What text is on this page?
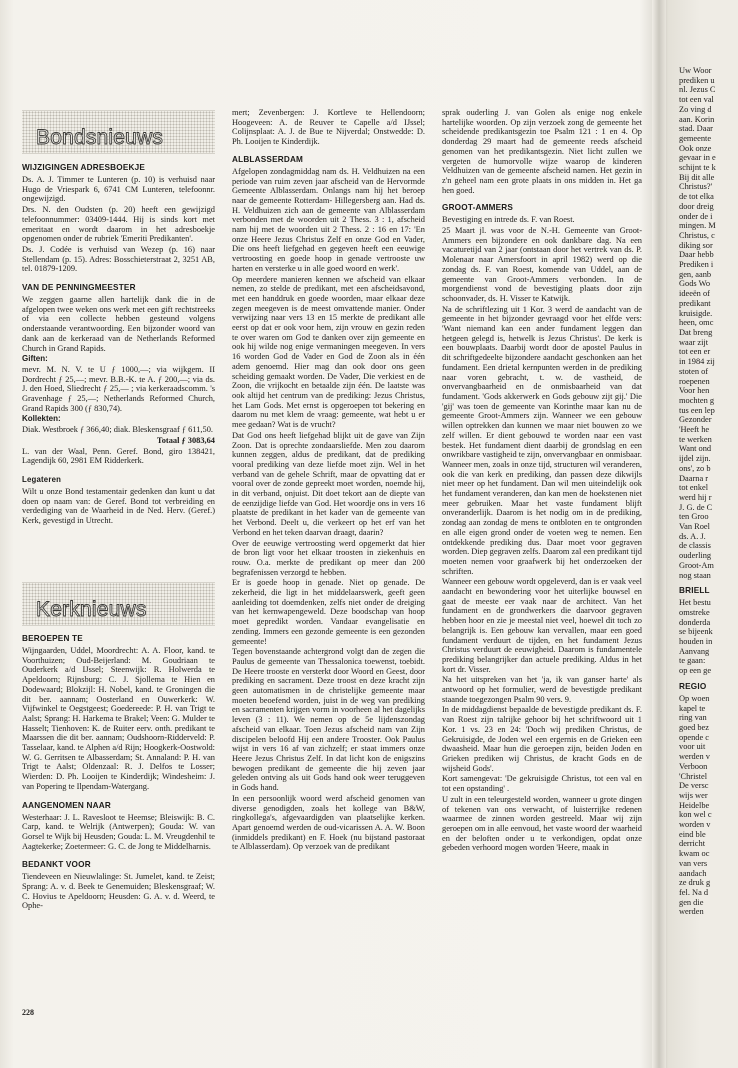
Bondsnieuws
WIJZIGINGEN ADRESBOEKJE

Ds. A. J. Timmer te Lunteren (p. 10) is verhuisd naar Hugo de Vriespark 6, 6741 CM Lunteren, telefoonnr. ongewijzigd.

Drs. N. den Oudsten (p. 20) heeft een gewijzigd telefoonnummer: 03409-1444. Hij is sinds kort met emeritaat en wordt daarom in het adresboekje opgenomen onder de rubriek 'Emeriti Predikanten'.

Ds. J. Codée is verhuisd van Wezep (p. 16) naar Stellendam (p. 15). Adres: Bosschieterstraat 2, 3251 AB, tel. 01879-1209.

VAN DE PENNINGMEESTER

We zeggen gaarne allen hartelijk dank die in de afgelopen twee weken ons werk met een gift rechtstreeks of via een collecte hebben gesteund volgens onderstaande verantwoording. Een bijzonder woord van dank aan de kerkeraad van de Netherlands Reformed Church in Grand Rapids.

Giften:

mevr. M. N. V. te U ƒ 1000,—; via wijkgem. II Dordrecht ƒ 25,—; mevr. B.B.-K. te A. ƒ 200,—; via ds. J. den Hoed, Sliedrecht ƒ 25,— ; via kerkeraadscomm. 's Gravenhage ƒ 25,—; Netherlands Reformed Church, Grand Rapids 300 (ƒ 830,74).

Kollekten:

Diak. Westbroek ƒ 366,40; diak. Bleskensgraaf ƒ 611,50.

Totaal ƒ 3083,64

L. van der Waal, Penn. Geref. Bond, giro 138421, Lagendijk 60, 2981 EM Ridderkerk.

Legateren

Wilt u onze Bond testamentair gedenken dan kunt u dat doen op naam van: de Geref. Bond tot verbreiding en verdediging van de Waarheid in de Ned. Herv. (Geref.) Kerk, gevestigd in Utrecht.

Kerknieuws
BEROEPEN TE

Wijngaarden, Uddel, Moordrecht: A. A. Floor, kand. te Voorthuizen; Oud-Beijerland: M. Goudriaan te Ouderkerk a/d IJssel; Steenwijk: R. Holwerda te Apeldoorn; Rijnsburg: C. J. Sjollema te Hien en Dodewaard; Blokzijl: H. Nobel, kand. te Groningen die dit ber. aannam; Oosterland en Ouwerkerk: W. Vijfwinkel te Oegstgeest; Goedereede: P. H. van Trigt te Aalst; Sprang: H. Harkema te Brakel; Veen: G. Mulder te Hasselt; Tienhoven: K. de Ruiter eerv. onth. predikant te Maarssen die dit ber. aannam; Oudshoorn-Ridderveld: P. Tasselaar, kand. te Alphen a/d Rijn; Hoogkerk-Oostwold: W. G. Gerritsen te Albasserdam; St. Annaland: P. H. van Trigt te Aalst; Oldenzaal: R. J. Delfos te Losser; Wierden: D. Ph. Looijen te Kinderdijk; Windesheim: J. van Popering te Ilpendam-Watergang.

AANGENOMEN NAAR

Westerhaar: J. L. Ravesloot te Heemse; Bleiswijk: B. C. Carp, kand. te Welrijk (Antwerpen); Gouda: W. van Gorsel te Wijk bij Heusden; Gouda: L. M. Vreugdenhil te Aagtekerke; Zoetermeer: G. C. de Jong te Middelharnis.

BEDANKT VOOR

Tiendeveen en Nieuwlalinge: St. Jumelet, kand. te Zeist; Sprang: A. v. d. Beek te Genemuiden; Bleskensgraaf; W. C. Hovius te Apeldoorn; Heusden: G. A. v. d. Weerd, te Ophe-

mert; Zevenbergen: J. Kortleve te Hellendoorn; Hoogeveen: A. de Reuver te Capelle a/d IJssel; Colijnsplaat: A. J. de Bue te Nijverdal; Onstwedde: D. Ph. Looijen te Kinderdijk.

ALBLASSERDAM

Afgelopen zondagmiddag nam ds. H. Veldhuizen na een periode van ruim zeven jaar afscheid van de Hervormde Gemeente Alblasserdam. Onlangs nam hij het beroep naar de gemeente Rotterdam- Hillegersberg aan. Had ds. H. Veldhuizen zich aan de gemeente van Alblasserdam verbonden met de woorden uit 2 Thess. 3 : 1, afscheid nam hij met de woorden uit 2 Thess. 2 : 16 en 17: 'En onze Heere Jezus Christus Zelf en onze God en Vader, Die ons heeft liefgehad en gegeven heeft een eeuwige vertroosting en goede hoop in genade vertrooste uw harten en versterke u in alle goed woord en werk'.

Op meerdere manieren kennen we afscheid van elkaar nemen, zo stelde de predikant, met een afscheidsavond, met een handdruk en goede woorden, maar elkaar deze zegen meegeven is de meest omvattende manier. Onder verwijzing naar vers 13 en 15 merkte de predikant alle eerst op dat er ook voor hem, zijn vrouw en gezin reden te over waren om God te danken over zijn gemeente en ook hij wilde nog enige vermaningen meegeven. In vers 16 worden God de Vader en God de Zoon als in één adem genoemd. Hier mag dan ook door ons geen scheiding gemaakt worden. De Vader, Die verkiest en de Zoon, die vrijkocht en betaalde zijn één. De laatste was ook altijd het centrum van de prediking: Jezus Christus, het Lam Gods. Met ernst is opgeroepen tot bekering en daarom nu met klem de vraag: gemeente, wat hebt u er mee gedaan? Wat is de vrucht?

Dat God ons heeft liefgehad blijkt uit de gave van Zijn Zoon. Dat is oprechte zondaarsliefde. Men zou daarom kunnen zeggen, aldus de predikant, dat de prediking vooral prediking van deze liefde moet zijn. Wel in het verband van de gehele Schrift, maar de opvatting dat er vooral over de zonde gepreekt moet worden, noemde hij, in dit verband, onjuist. Dit doet tekort aan de diepte van de eenzijdige liefde van God. Het woordje ons in vers 16 plaatste de predikant in het kader van de gemeente van het Verbond. Deelt u, die verkeert op het erf van het Verbond en het teken daarvan draagt, daarin?

Over de eeuwige vertroosting werd opgemerkt dat hier de bron ligt voor het elkaar troosten in ziekenhuis en rouw. O.a. merkte de predikant op meer dan 200 begrafenissen verzorgd te hebben.

Er is goede hoop in genade. Niet op genade. De zekerheid, die ligt in het middelaarswerk, geeft geen aanleiding tot doemdenken, zelfs niet onder de dreiging van het kernwapengeweld. Deze boodschap van hoop moet gepredikt worden. Vandaar evangelisatie en zending. Immers een gezonde gemeente is een gezonden gemeente!

Tegen bovenstaande achtergrond volgt dan de zegen die Paulus de gemeente van Thessalonica toewenst, toebidt. De Heere trooste en versterkt door Woord en Geest, door prediking en sacrament. Deze troost en deze kracht zijn geen automatismen in de christelijke gemeente maar moeten beoefend worden, juist in de weg van prediking en sacramenten krijgen vorm in voorheen al het dagelijks leven (3 : 11). We nemen op de 5e lijdenszondag afscheid van elkaar. Toen Jezus afscheid nam van Zijn discipelen beloofd Hij een andere Trooster. Ook Paulus wijst in vers 16 af van zichzelf; er staat immers onze Heere Jezus Christus Zelf. In dat licht kon de enigszins bewogen predikant de gemeente die hij zeven jaar geleden ontving als uit Gods hand ook weer teruggeven in Gods hand.

In een persoonlijk woord werd afscheid genomen van diverse genodigden, zoals het kollege van B&W, ringkollega's, afgevaardigden van plaatselijke kerken. Apart genoemd werden de oud-vicarissen A. A. W. Boon (inmiddels predikant) en F. Hoek (nu bijstand pastoraat te Alblasserdam). Op verzoek van de predikant

sprak ouderling J. van Golen als enige nog enkele hartelijke woorden. Op zijn verzoek zong de gemeente het scheidende predikantsgezin toe Psalm 121 : 1 en 4. Op donderdag 29 maart had de gemeente reeds afscheid genomen van het predikantsgezin. Niet licht zullen we vergeten de humorvolle wijze waarop de kinderen Veldhuizen van de gemeente afscheid namen. Het gezin in z'n geheel nam een grote plaats in ons midden in. Het ga hen goed.

GROOT-AMMERS

Bevestiging en intrede ds. F. van Roest.

25 Maart jl. was voor de N.-H. Gemeente van Groot-Ammers een bijzondere en ook dankbare dag. Na een vacaturetijd van 2 jaar (ontstaan door het vertrek van ds. P. Molenaar naar Amersfoort in april 1982) werd op die zondag ds. F. van Roest, komende van Uddel, aan de gemeente van Groot-Ammers verbonden. In de morgendienst vond de bevestiging plaats door zijn schoonvader, ds. H. Visser te Katwijk.

Na de schriftlezing uit 1 Kor. 3 werd de aandacht van de gemeente in het bijzonder gevraagd voor het elfde vers: 'Want niemand kan een ander fundament leggen dan hetgeen gelegd is, hetwelk is Jezus Christus'. De kerk is een bouwplaats. Daarbij wordt door de apostel Paulus in dit schriftgedeelte bijzondere aandacht geschonken aan het fundament. Een drietal kernpunten werden in de prediking naar voren gebracht, t. w. de vastheid, de onvervangbaarheid en de onmisbaarheid van dat fundament. 'Gods akkerwerk en Gods gebouw zijt gij.' Die 'gij' was toen de gemeente van Korinthe maar kan nu de gemeente Groot-Ammers zijn. Wanneer we een gebouw willen optrekken dan kunnen we maar niet bouwen zo we zelf willen. Er dient gebouwd te worden naar een vast bestek. Het fundament dient daarbij de grondslag en een onwrikbare vastigheid te zijn, onvervangbaar en onmisbaar. Wanneer men, zoals in onze tijd, structuren wil veranderen, ook die van kerk en prediking, dan passen deze dikwijls niet meer op het fundament. Dan wil men uiteindelijk ook het fundament veranderen, dan kan men de hoekstenen niet meer gebruiken. Maar het vaste fundament blijft onveranderlijk. Daarom is het nodig om in de prediking, zondag aan zondag de mens te ontbloten en te ontgronden en alle eigen grond onder de voeten weg te nemen. Een ontdekkende prediking dus. Daar moet voor gegraven worden. Diep gegraven zelfs. Daarom zal een predikant tijd moeten nemen voor graafwerk bij het onderzoeken der schriften.

Wanneer een gebouw wordt opgeleverd, dan is er vaak veel aandacht en bewondering voor het uiterlijke bouwsel en gaat de meeste eer vaak naar de architect. Van het fundament en de grondwerkers die daarvoor gegraven hebben hoor en zie je meestal niet veel, hoewel dit toch zo belangrijk is. Een gebouw kan vervallen, maar een goed fundament verduurt de tijden, en het fundament Jezus Christus verduurt de eeuwigheid. Daarom is fundamentele prediking belangrijker dan actuele prediking. Aldus in het kort dr. Visser.

Na het uitspreken van het 'ja, ik van ganser harte' als antwoord op het formulier, werd de bevestigde predikant staande toegezongen Psalm 90 vers. 9.

In de middagdienst bepaalde de bevestigde predikant ds. F. van Roest zijn talrijke gehoor bij het schriftwoord uit 1 Kor. 1 vs. 23 en 24: 'Doch wij prediken Christus, de Gekruisigde, de Joden wel een ergernis en de Grieken een dwaasheid. Maar hun die geroepen zijn, beiden Joden en Grieken prediken wij Christus, de kracht Gods en de wijsheid Gods'.

Kort samengevat: 'De gekruisigde Christus, tot een val en tot een opstanding' .

U zult in een teleurgesteld worden, wanneer u grote dingen of tekenen van ons verwacht, of luisterrijke redenen waarmee de zinnen worden gestreeld. Maar wij zijn geroepen om in alle eenvoud, het vaste woord der waarheid en der beloften onder u te verkondigen, opdat onze gebeden verhoord mogen worden 'Heere, maak in

Uw Woor

prediken u

nl. Jezus C

tot een val

Zo ving d

aan. Korin

stad. Daar

gemeente

Ook onze

gevaar in e

schijnt te k

Bij dit alle

Christus?'

de tot elka

door dreig

onder de i

mingen. M

Christus, c

diking sor

Daar hebb

Prediken i

gen, aanb

Gods Wo

ideeën of

predikant

kruisigde.

heen, omc

Dat breng

waar zijt

tot een er

in 1984 zij

stoten of

roepenen

Voor hen

mochten g

tus een lep

Gezonder

'Heeft he

te werken

Want ond

ijdel zijn.

ons', zo b

Daarna r

tot enkel

werd hij r

J. G. de C

ten Groo

Van Roel

ds. A. J.

de classis

ouderling

Groot-Am

nog staan

BRIELL

Het bestu

omstreke

donderda

se bijeenk

houden in

Aanvang

te gaan:

op een ge

REGIO

Op woen

kapel te

ring van

goed bez

opende c

voor uit

werden v

Verboon

'Christel

De versc

wijs wer

Heidelbe

kon wel c

worden v

eind ble

derricht

kwam oc

van vers

aandach

ze druk g

fel. Na d

gen die

werden

228
